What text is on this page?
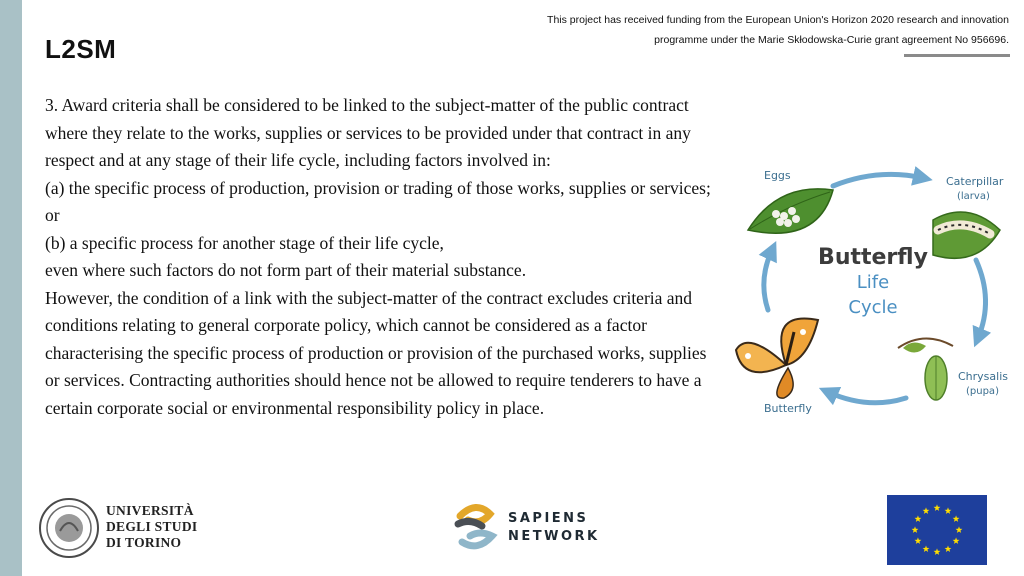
L2SM
This project has received funding from the European Union's Horizon 2020 research and innovation
programme under the Marie Skłodowska-Curie grant agreement No 956696.

3. Award criteria shall be considered to be linked to the subject-matter of the public contract where they relate to the works, supplies or services to be provided under that contract in any respect and at any stage of their life cycle, including factors involved in:

(a) the specific process of production, provision or trading of those works, supplies or services; or

(b) a specific process for another stage of their life cycle,

even where such factors do not form part of their material substance.

However, the condition of a link with the subject-matter of the contract excludes criteria and conditions relating to general corporate policy, which cannot be considered as a factor characterising the specific process of production or provision of the purchased works, supplies or services. Contracting authorities should hence not be allowed to require tenderers to have a certain corporate social or environmental responsibility policy in place.

Eggs	Caterpillar
(larva)
Chrysalis
(pupa)
Butterfly
Butterfly
Life
Cycle
UNIVERSITÀ
DEGLI STUDI
DI TORINO
SAPIENS
NETWORK
